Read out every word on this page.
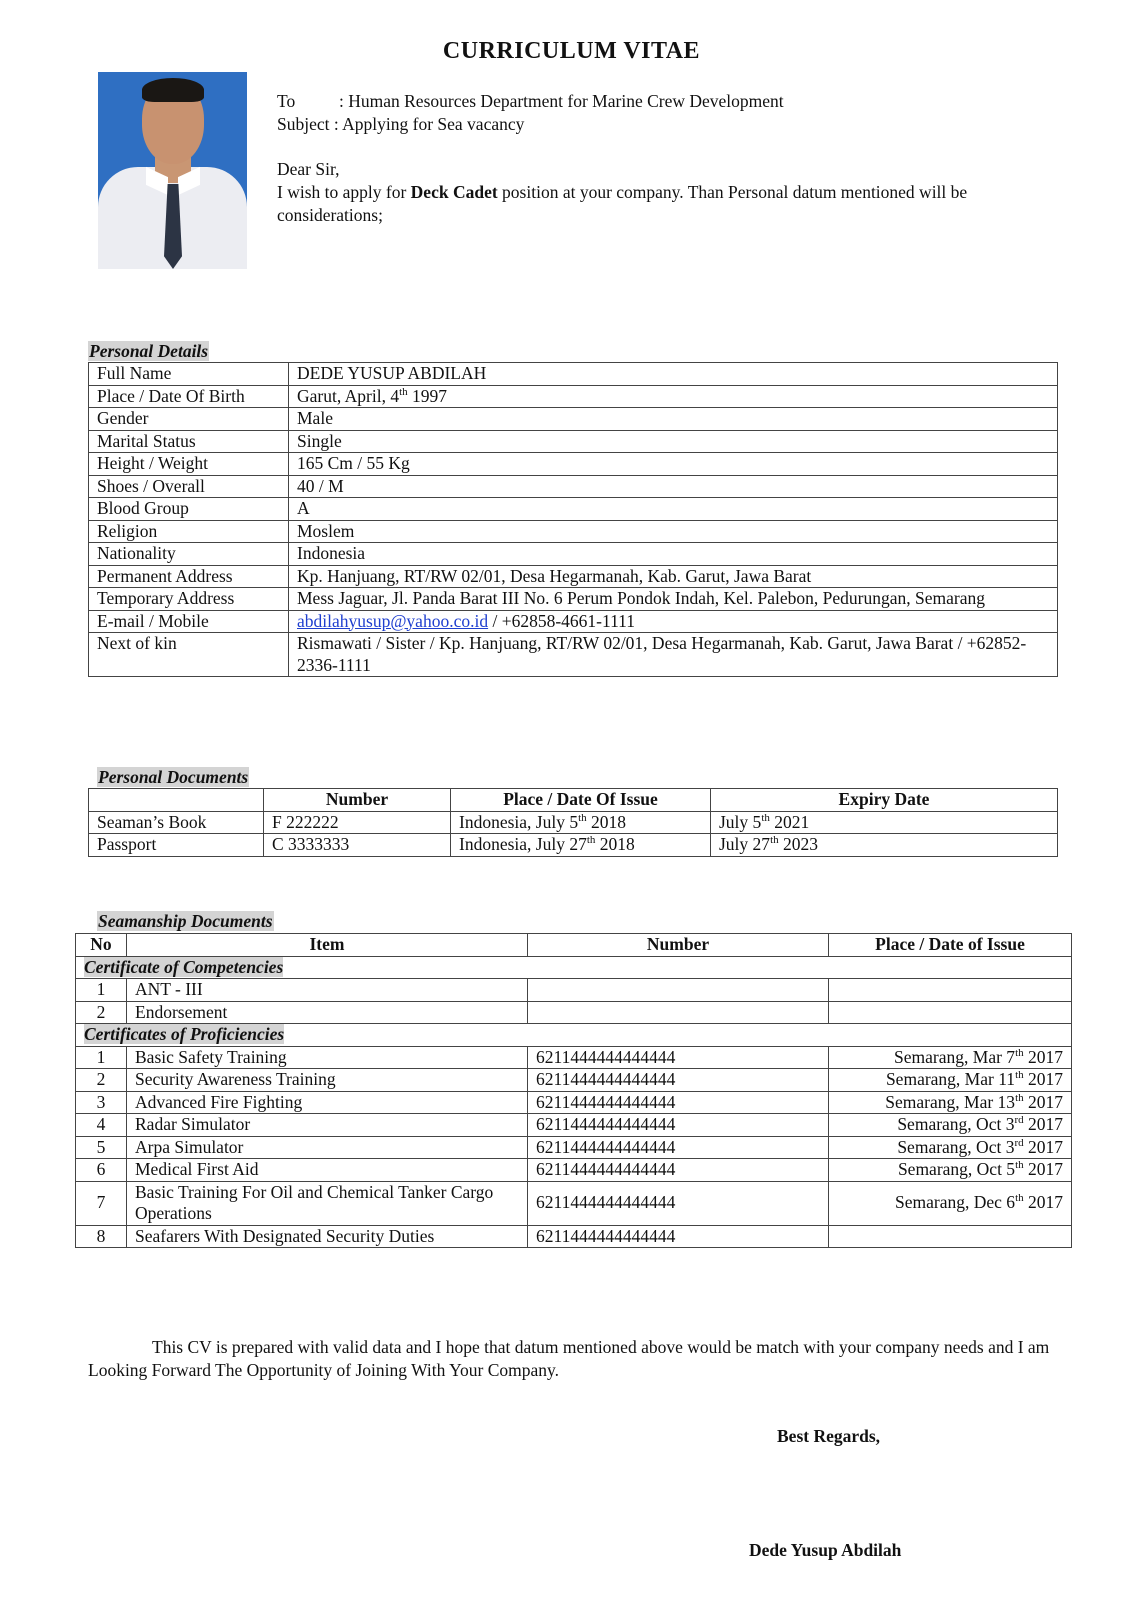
CURRICULUM VITAE

To	: Human Resources Department for Marine Crew Development

Subject : Applying for Sea vacancy

Dear Sir,

I wish to apply for Deck Cadet position at your company. Than Personal datum mentioned will be considerations;

Personal Details
Full Name	DEDE YUSUP ABDILAH
Place / Date Of Birth	Garut, April, 4th 1997
Gender	Male
Marital Status	Single
Height / Weight	165 Cm / 55 Kg
Shoes / Overall	40 / M
Blood Group	A
Religion	Moslem
Nationality	Indonesia
Permanent Address	Kp. Hanjuang, RT/RW 02/01, Desa Hegarmanah, Kab. Garut, Jawa Barat
Temporary Address	Mess Jaguar, Jl. Panda Barat III No. 6 Perum Pondok Indah, Kel. Palebon, Pedurungan, Semarang
E-mail / Mobile	abdilahyusup@yahoo.co.id / +62858-4661-1111
Next of kin	Rismawati / Sister / Kp. Hanjuang, RT/RW 02/01, Desa Hegarmanah, Kab. Garut, Jawa Barat / +62852-2336-1111
Personal Documents
	Number	Place / Date Of Issue	Expiry Date
Seaman’s Book	F 222222	Indonesia, July 5th 2018	July 5th 2021
Passport	C 3333333	Indonesia, July 27th 2018	July 27th 2023
Seamanship Documents
No	Item	Number	Place / Date of Issue
Certificate of Competencies			
1	ANT - III		
2	Endorsement		
Certificates of Proficiencies			
1	Basic Safety Training	6211444444444444	Semarang, Mar 7th 2017
2	Security Awareness Training	6211444444444444	Semarang, Mar 11th 2017
3	Advanced Fire Fighting	6211444444444444	Semarang, Mar 13th 2017
4	Radar Simulator	6211444444444444	Semarang, Oct 3rd 2017
5	Arpa Simulator	6211444444444444	Semarang, Oct 3rd 2017
6	Medical First Aid	6211444444444444	Semarang, Oct 5th 2017
7	Basic Training For Oil and Chemical Tanker Cargo Operations	6211444444444444	Semarang, Dec 6th 2017
8	Seafarers With Designated Security Duties	6211444444444444	
This CV is prepared with valid data and I hope that datum mentioned above would be match with your company needs and I am Looking Forward The Opportunity of Joining With Your Company.
Best Regards,
Dede Yusup Abdilah
